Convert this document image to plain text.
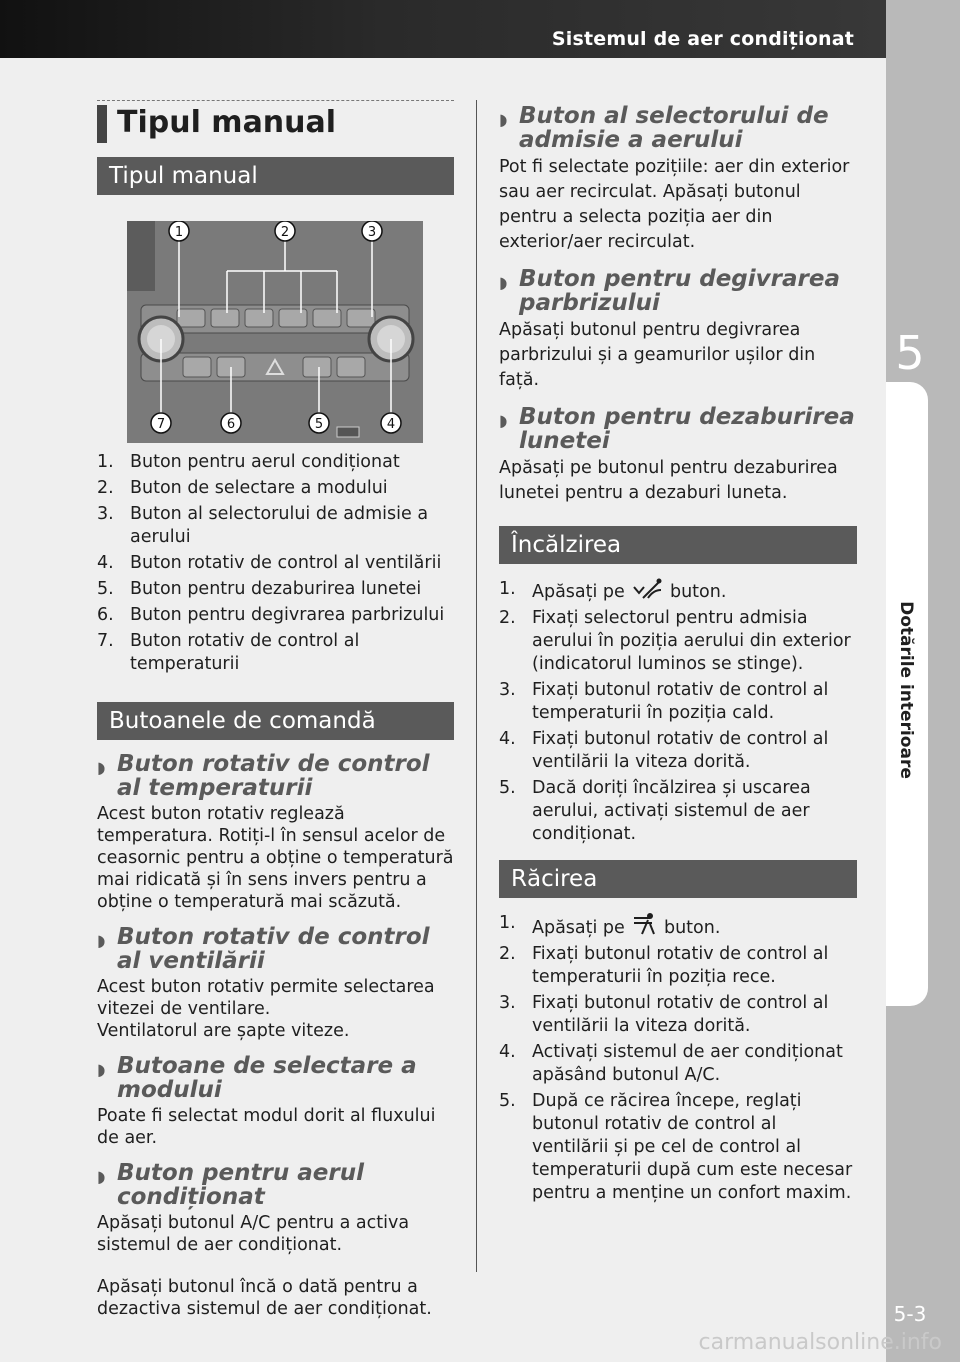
Sistemul de aer condiționat
5
Dotările interioare
5-3
Tipul manual
Tipul manual
1	2	3
4
5
6
7
1. Buton pentru aerul condiționat
2. Buton de selectare a modului
3. Buton al selectorului de admisie a aerului
4. Buton rotativ de control al ventilării
5. Buton pentru dezaburirea lunetei
6. Buton pentru degivrarea parbrizului
7. Buton rotativ de control al temperaturii
Butoanele de comandă
◗ Buton rotativ de control al temperaturii

Acest buton rotativ reglează temperatura. Rotiți-l în sensul acelor de ceasornic pentru a obține o temperatură mai ridicată și în sens invers pentru a obține o temperatură mai scăzută.

◗ Buton rotativ de control al ventilării

Acest buton rotativ permite selectarea vitezei de ventilare.

Ventilatorul are șapte viteze.

◗ Butoane de selectare a modului

Poate fi selectat modul dorit al fluxului de aer.

◗ Buton pentru aerul condiționat

Apăsați butonul A/C pentru a activa sistemul de aer condiționat.

Apăsați butonul încă o dată pentru a dezactiva sistemul de aer condiționat.

◗ Buton al selectorului de admisie a aerului

Pot fi selectate pozițiile: aer din exterior sau aer recirculat. Apăsați butonul pentru a selecta poziția aer din exterior/aer recirculat.

◗ Buton pentru degivrarea parbrizului

Apăsați butonul pentru degivrarea parbrizului și a geamurilor ușilor din față.

◗ Buton pentru dezaburirea lunetei

Apăsați pe butonul pentru dezaburirea lunetei pentru a dezaburi luneta.

Încălzirea
1. Apăsați pe	buton.
2. Fixați selectorul pentru admisia aerului în poziția aerului din exterior (indicatorul luminos se stinge).
3. Fixați butonul rotativ de control al temperaturii în poziția cald.
4. Fixați butonul rotativ de control al ventilării la viteza dorită.
5. Dacă doriți încălzirea și uscarea aerului, activați sistemul de aer condiționat.
Răcirea
1. Apăsați pe buton.
2. Fixați butonul rotativ de control al temperaturii în poziția rece.
3. Fixați butonul rotativ de control al ventilării la viteza dorită.
4. Activați sistemul de aer condiționat apăsând butonul A/C.
5. După ce răcirea începe, reglați butonul rotativ de control al ventilării și pe cel de control al temperaturii după cum este necesar pentru a menține un confort maxim.
carmanualsonline.info
